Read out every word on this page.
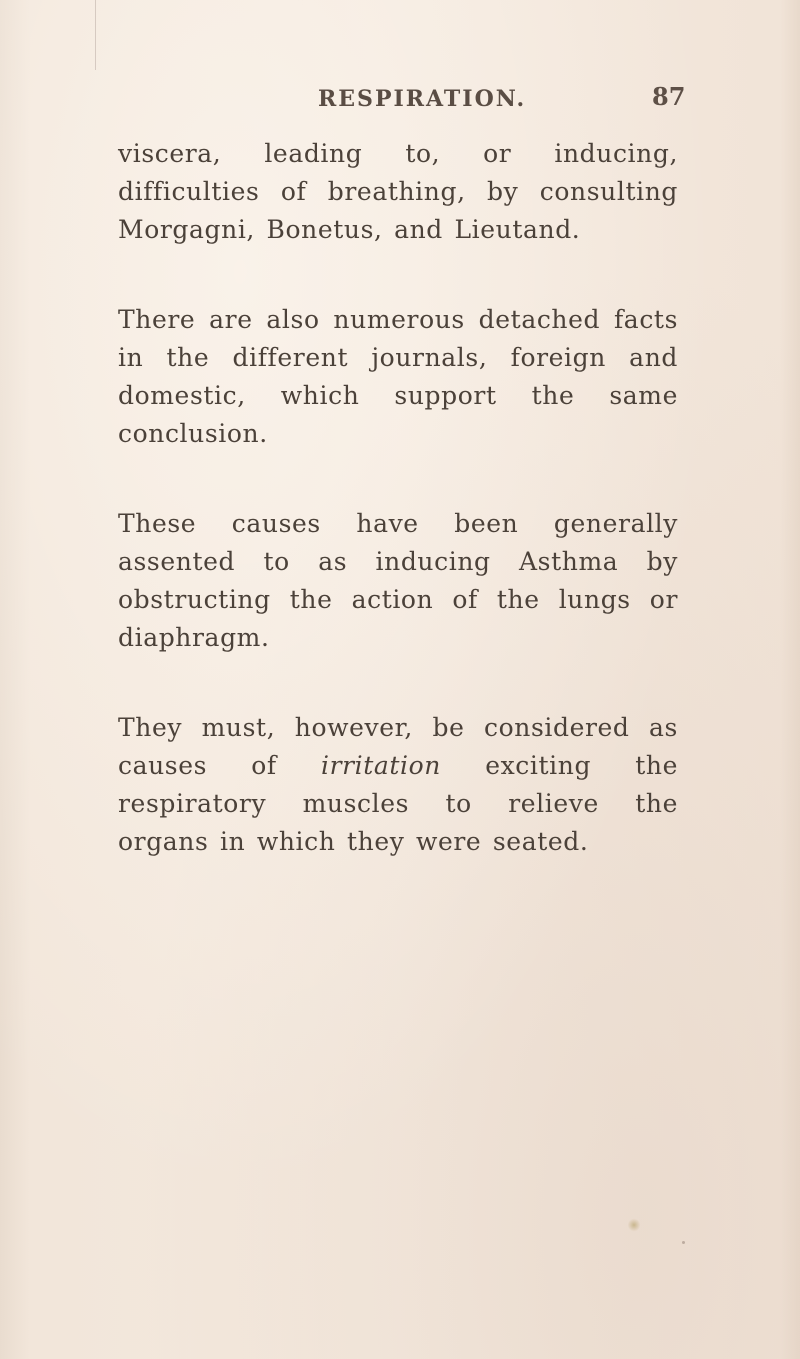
RESPIRATION.	87

viscera, leading to, or inducing, difficulties of breathing, by consulting Morgagni, Bonetus, and Lieutand.

There are also numerous detached facts in the different journals, foreign and domestic, which support the same conclusion.

These causes have been generally assented to as inducing Asthma by obstructing the action of the lungs or diaphragm.

They must, however, be considered as causes of irritation exciting the respiratory muscles to relieve the organs in which they were seated.
